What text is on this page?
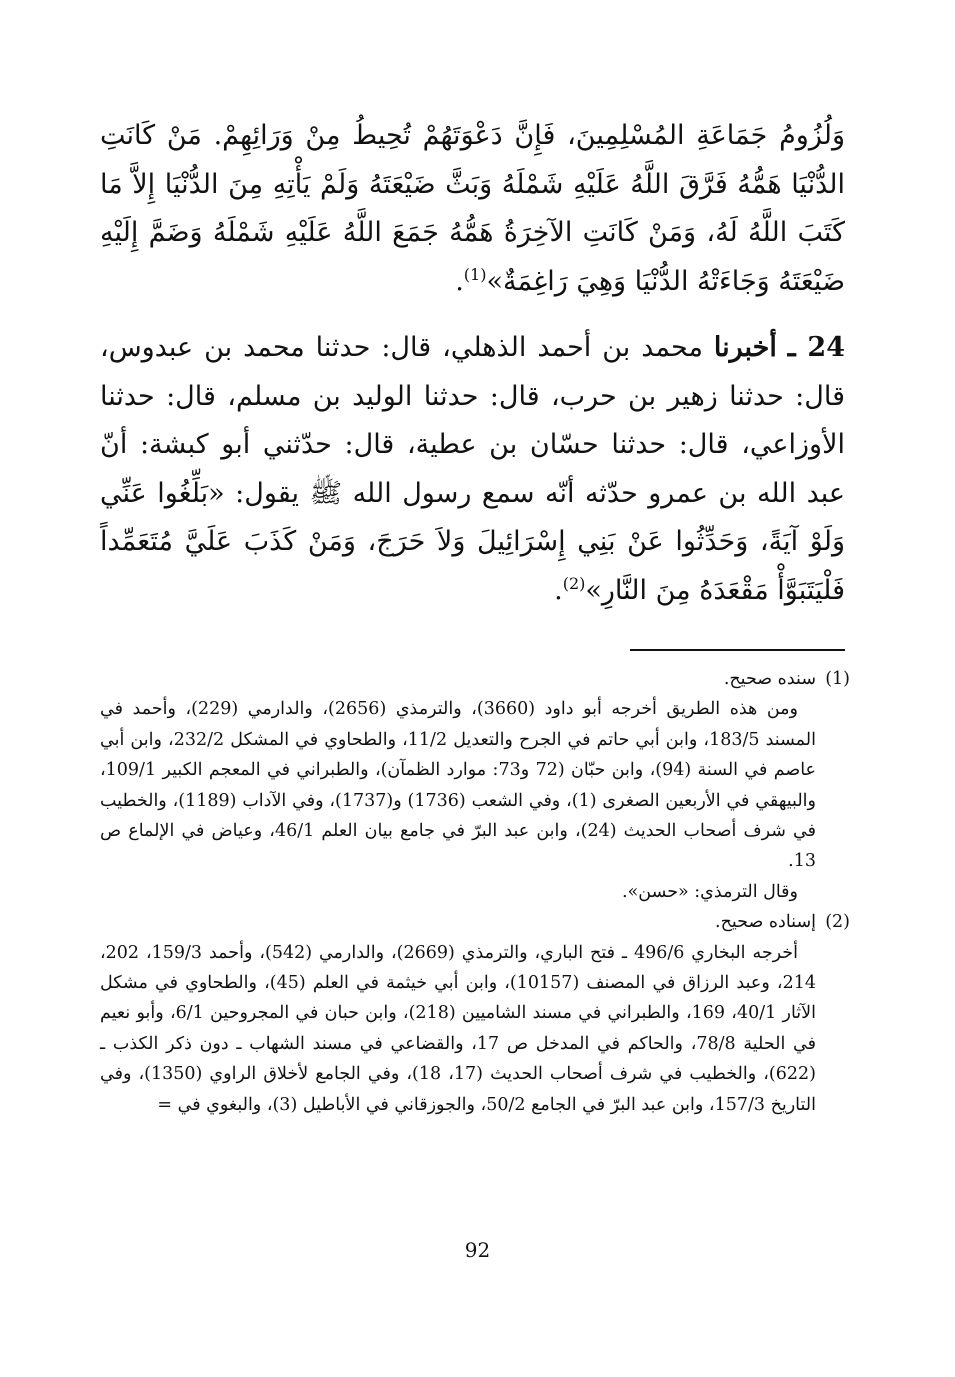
وَلُزُومُ جَمَاعَةِ المُسْلِمِينَ، فَإِنَّ دَعْوَتَهُمْ تُحِيطُ مِنْ وَرَائِهِمْ. مَنْ كَانَتِ الدُّنْيَا هَمُّهُ فَرَّقَ اللَّهُ عَلَيْهِ شَمْلَهُ وَبَثَّ ضَيْعَتَهُ وَلَمْ يَأْتِهِ مِنَ الدُّنْيَا إِلاَّ مَا كَتَبَ اللَّهُ لَهُ، وَمَنْ كَانَتِ الآخِرَةُ هَمُّهُ جَمَعَ اللَّهُ عَلَيْهِ شَمْلَهُ وَضَمَّ إِلَيْهِ ضَيْعَتَهُ وَجَاءَتْهُ الدُّنْيَا وَهِيَ رَاغِمَةٌ»$^{(1)}$.

24 ـ أخبرنا محمد بن أحمد الذهلي، قال: حدثنا محمد بن عبدوس، قال: حدثنا زهير بن حرب، قال: حدثنا الوليد بن مسلم، قال: حدثنا الأوزاعي، قال: حدثنا حسّان بن عطية، قال: حدّثني أبو كبشة: أنّ عبد الله بن عمرو حدّثه أنّه سمع رسول الله ﷺ يقول: «بَلِّغُوا عَنِّي وَلَوْ آيَةً، وَحَدِّثُوا عَنْ بَنِي إِسْرَائِيلَ وَلاَ حَرَجَ، وَمَنْ كَذَبَ عَلَيَّ مُتَعَمِّداً فَلْيَتَبَوَّأْ مَقْعَدَهُ مِنَ النَّارِ»$^{(2)}$.

(1)
سنده صحيح.

ومن هذه الطريق أخرجه أبو داود (3660)، والترمذي (2656)، والدارمي (229)، وأحمد في المسند 183/5، وابن أبي حاتم في الجرح والتعديل 11/2، والطحاوي في المشكل 232/2، وابن أبي عاصم في السنة (94)، وابن حبّان (72 و73: موارد الظمآن)، والطبراني في المعجم الكبير 109/1، والبيهقي في الأربعين الصغرى (1)، وفي الشعب (1736) و(1737)، وفي الآداب (1189)، والخطيب في شرف أصحاب الحديث (24)، وابن عبد البرّ في جامع بيان العلم 46/1، وعياض في الإلماع ص 13.

وقال الترمذي: «حسن».

(2)
إسناده صحيح.

أخرجه البخاري 496/6 ـ فتح الباري، والترمذي (2669)، والدارمي (542)، وأحمد 159/3، 202، 214، وعبد الرزاق في المصنف (10157)، وابن أبي خيثمة في العلم (45)، والطحاوي في مشكل الآثار 40/1، 169، والطبراني في مسند الشاميين (218)، وابن حبان في المجروحين 6/1، وأبو نعيم في الحلية 78/8، والحاكم في المدخل ص 17، والقضاعي في مسند الشهاب ـ دون ذكر الكذب ـ (622)، والخطيب في شرف أصحاب الحديث (17، 18)، وفي الجامع لأخلاق الراوي (1350)، وفي التاريخ 157/3، وابن عبد البرّ في الجامع 50/2، والجوزقاني في الأباطيل (3)، والبغوي في =

92
